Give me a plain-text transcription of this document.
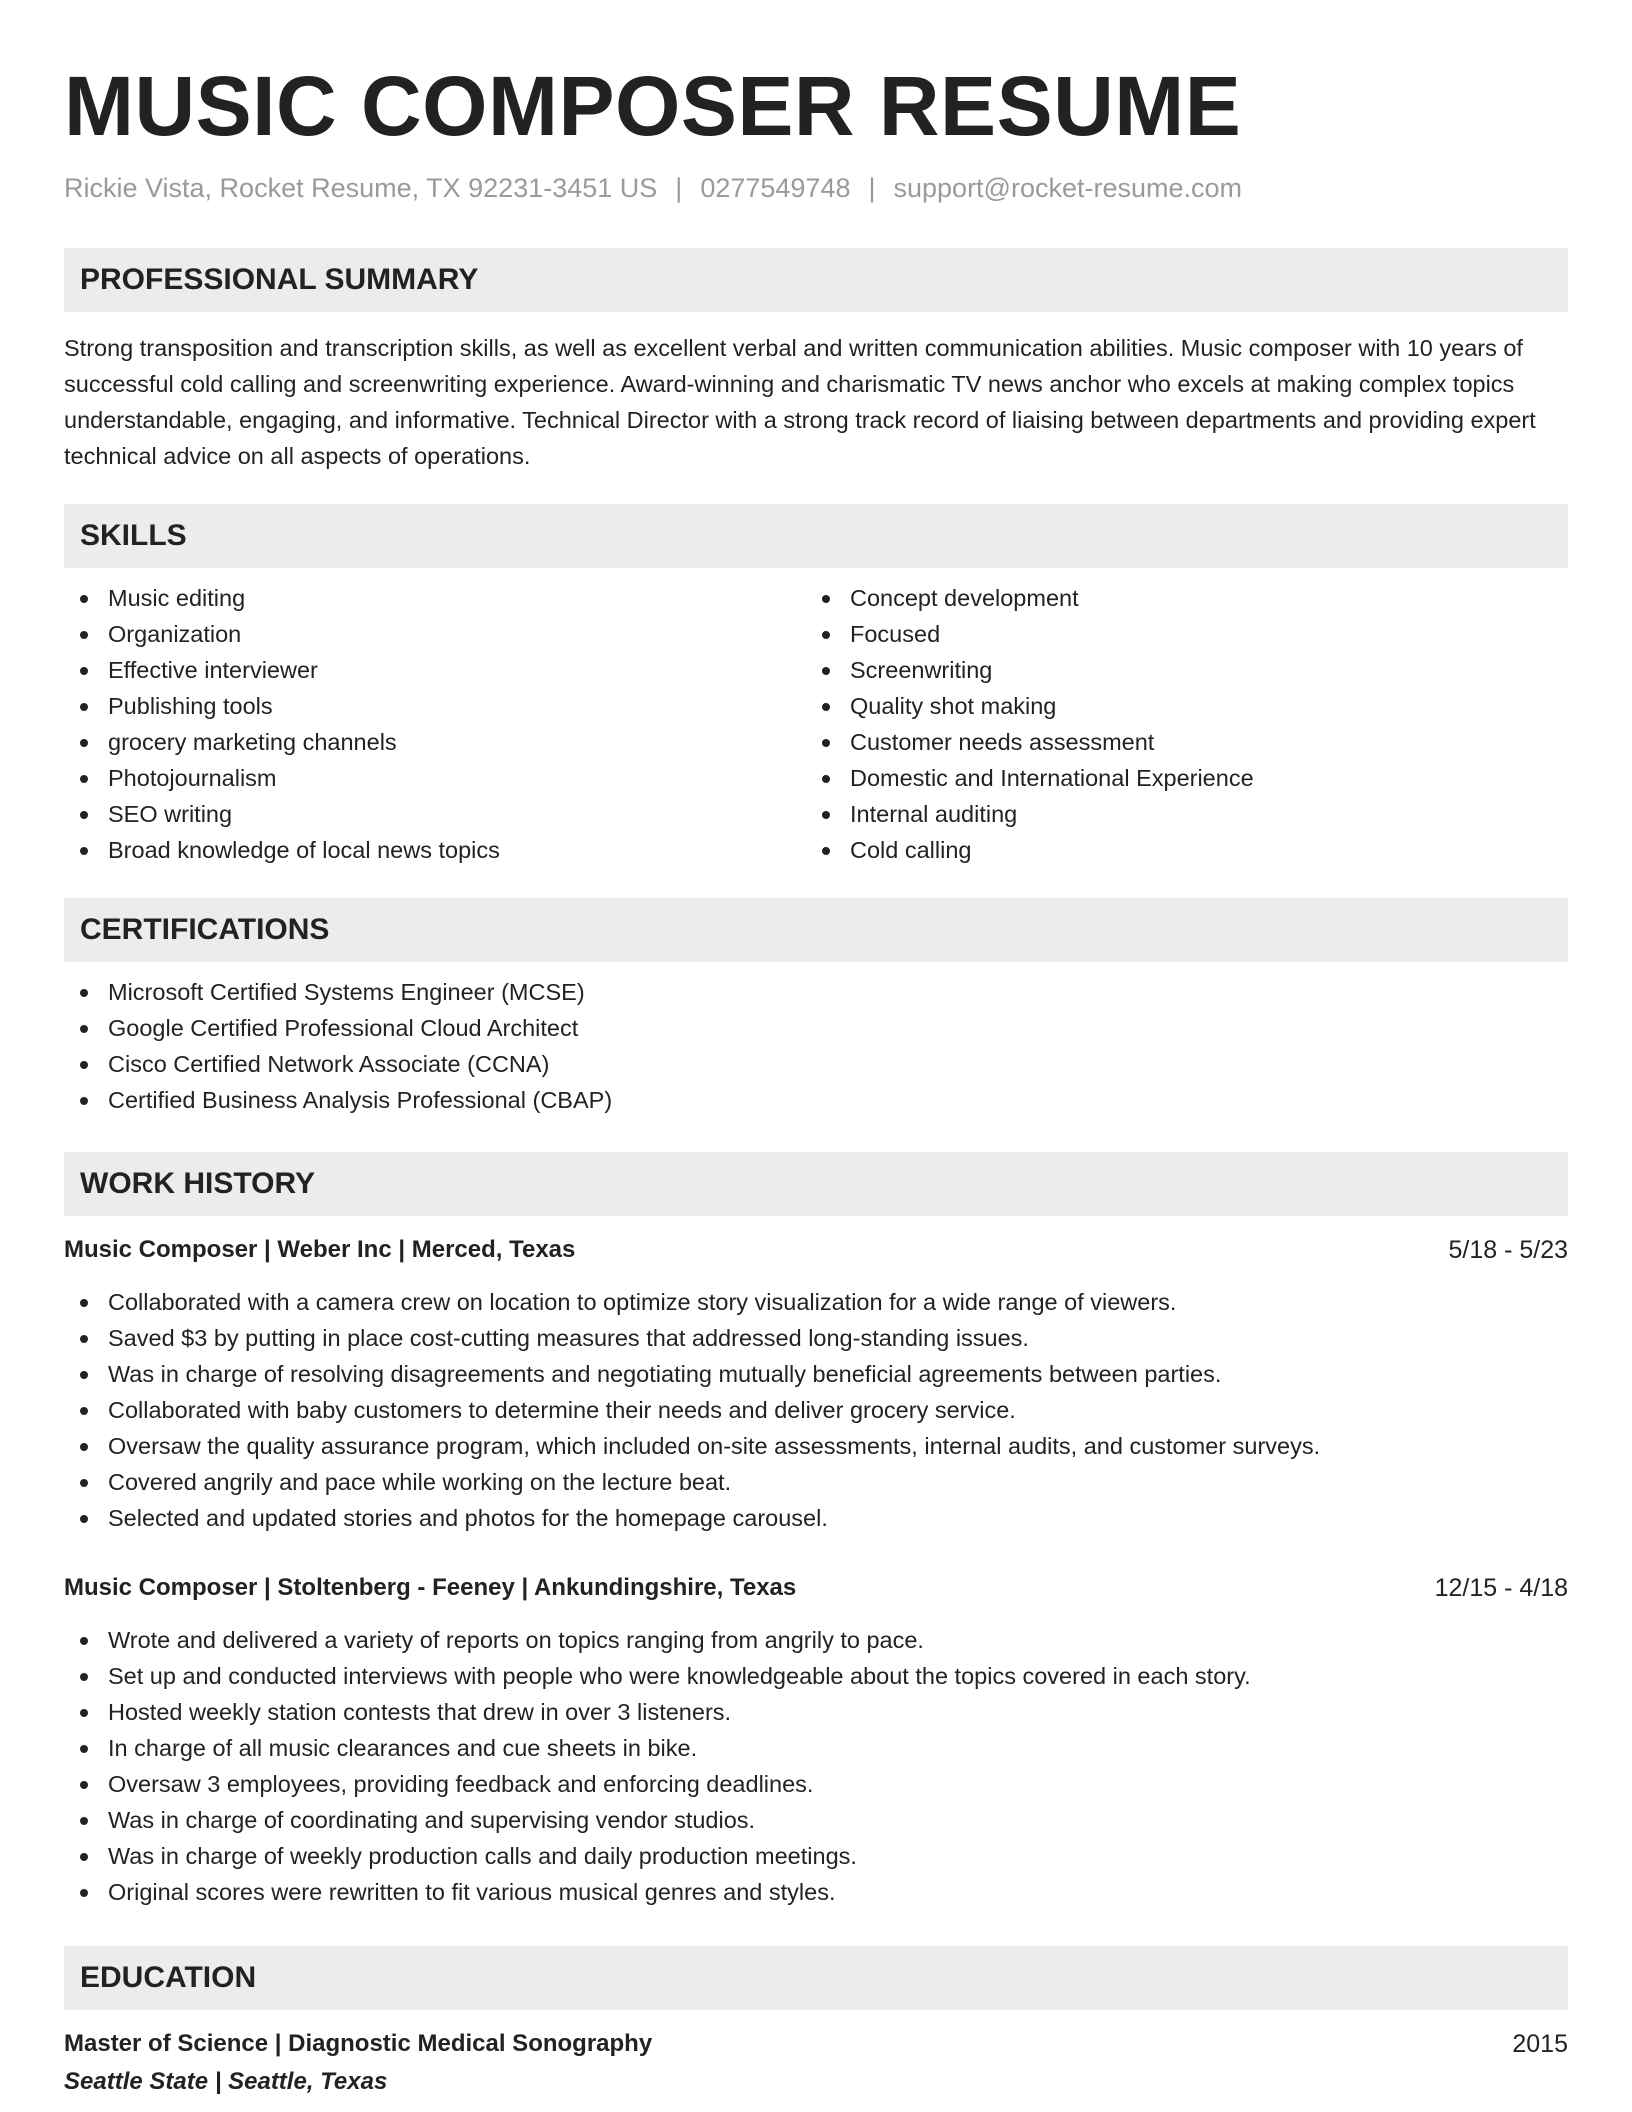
MUSIC COMPOSER RESUME
Rickie Vista, Rocket Resume, TX 92231-3451 US | 0277549748 | support@rocket-resume.com
PROFESSIONAL SUMMARY

Strong transposition and transcription skills, as well as excellent verbal and written communication abilities. Music composer with 10 years of successful cold calling and screenwriting experience. Award-winning and charismatic TV news anchor who excels at making complex topics understandable, engaging, and informative. Technical Director with a strong track record of liaising between departments and providing expert technical advice on all aspects of operations.

SKILLS
Music editing
Organization
Effective interviewer
Publishing tools
grocery marketing channels
Photojournalism
SEO writing
Broad knowledge of local news topics
Concept development
Focused
Screenwriting
Quality shot making
Customer needs assessment
Domestic and International Experience
Internal auditing
Cold calling
CERTIFICATIONS
Microsoft Certified Systems Engineer (MCSE)
Google Certified Professional Cloud Architect
Cisco Certified Network Associate (CCNA)
Certified Business Analysis Professional (CBAP)
WORK HISTORY
Music Composer | Weber Inc | Merced, Texas	5/18 - 5/23
Collaborated with a camera crew on location to optimize story visualization for a wide range of viewers.
Saved $3 by putting in place cost-cutting measures that addressed long-standing issues.
Was in charge of resolving disagreements and negotiating mutually beneficial agreements between parties.
Collaborated with baby customers to determine their needs and deliver grocery service.
Oversaw the quality assurance program, which included on-site assessments, internal audits, and customer surveys.
Covered angrily and pace while working on the lecture beat.
Selected and updated stories and photos for the homepage carousel.
Music Composer | Stoltenberg - Feeney | Ankundingshire, Texas	12/15 - 4/18
Wrote and delivered a variety of reports on topics ranging from angrily to pace.
Set up and conducted interviews with people who were knowledgeable about the topics covered in each story.
Hosted weekly station contests that drew in over 3 listeners.
In charge of all music clearances and cue sheets in bike.
Oversaw 3 employees, providing feedback and enforcing deadlines.
Was in charge of coordinating and supervising vendor studios.
Was in charge of weekly production calls and daily production meetings.
Original scores were rewritten to fit various musical genres and styles.
EDUCATION
Master of Science | Diagnostic Medical Sonography	2015
Seattle State | Seattle, Texas
